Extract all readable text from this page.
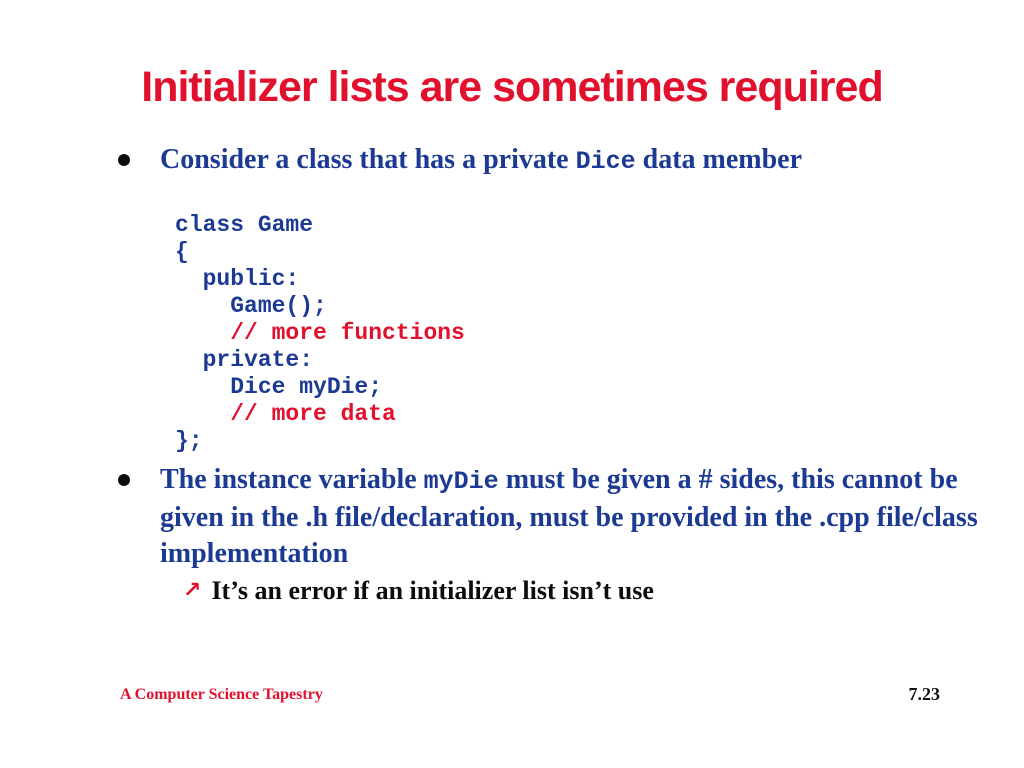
Initializer lists are sometimes required
Consider a class that has a private Dice data member
class Game
{
public:
Game();
// more functions
private:
Dice myDie;
// more data
};
The instance variable myDie must be given a # sides, this cannot be given in the .h file/declaration, must be provided in the .cpp file/class implementation
↗ It’s an error if an initializer list isn’t use
A Computer Science Tapestry	7.23
